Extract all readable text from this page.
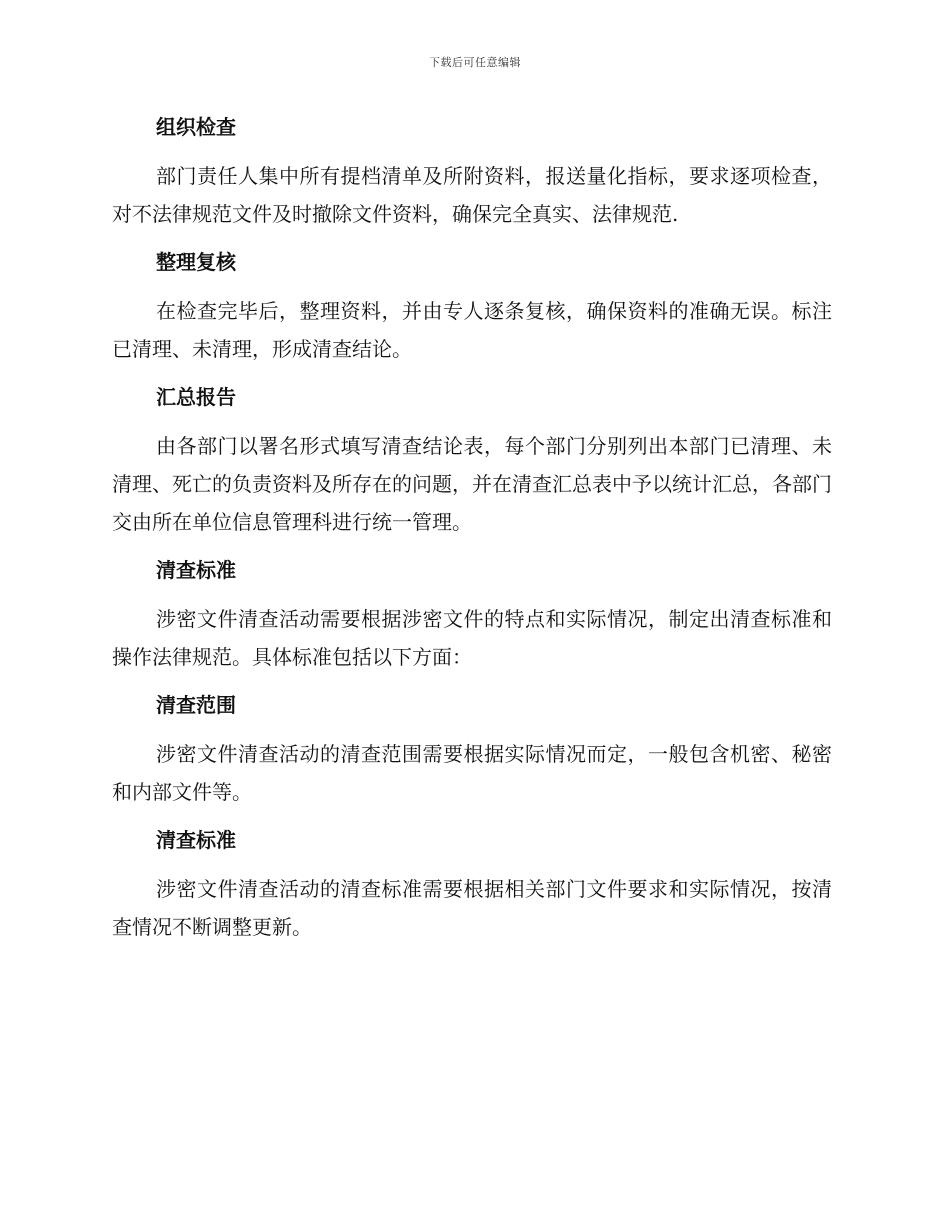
下载后可任意编辑
组织检查

部门责任人集中所有提档清单及所附资料，报送量化指标，要求逐项检查，对不法律规范文件及时撤除文件资料，确保完全真实、法律规范.

整理复核

在检查完毕后，整理资料，并由专人逐条复核，确保资料的准确无误。标注已清理、未清理，形成清查结论。

汇总报告

由各部门以署名形式填写清查结论表，每个部门分别列出本部门已清理、未清理、死亡的负责资料及所存在的问题，并在清查汇总表中予以统计汇总，各部门交由所在单位信息管理科进行统一管理。

清查标准

涉密文件清查活动需要根据涉密文件的特点和实际情况，制定出清查标准和操作法律规范。具体标准包括以下方面：

清查范围

涉密文件清查活动的清查范围需要根据实际情况而定，一般包含机密、秘密和内部文件等。

清查标准

涉密文件清查活动的清查标准需要根据相关部门文件要求和实际情况，按清查情况不断调整更新。
